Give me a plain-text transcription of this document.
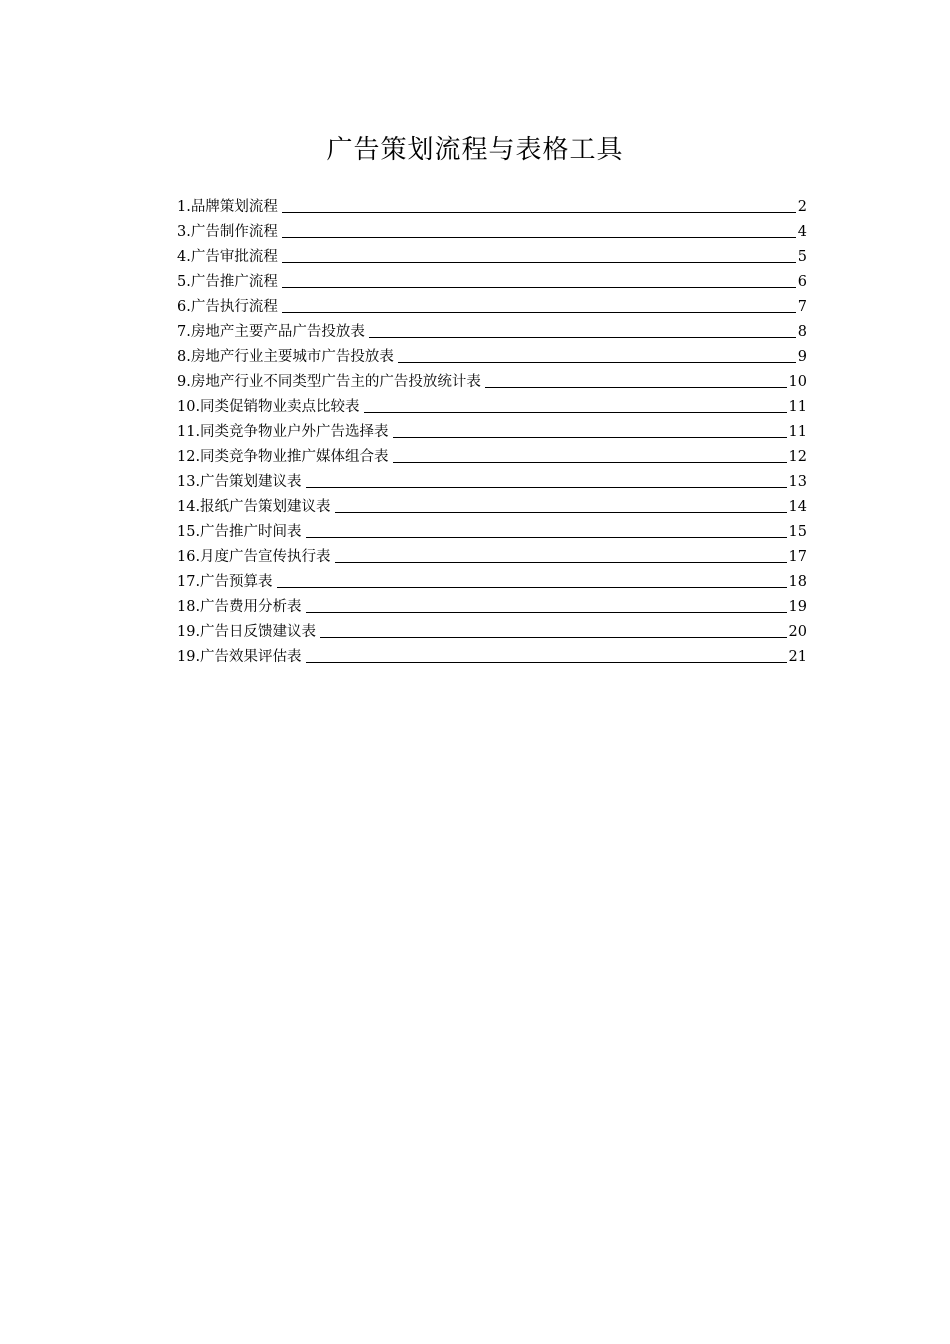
广告策划流程与表格工具
1.品牌策划流程	2
3.广告制作流程	4
4.广告审批流程	5
5.广告推广流程	6
6.广告执行流程	7
7.房地产主要产品广告投放表	8
8.房地产行业主要城市广告投放表	9
9.房地产行业不同类型广告主的广告投放统计表	10
10.同类促销物业卖点比较表	11
11.同类竞争物业户外广告选择表	11
12.同类竞争物业推广媒体组合表	12
13.广告策划建议表	13
14.报纸广告策划建议表	14
15.广告推广时间表	15
16.月度广告宣传执行表	17
17.广告预算表	18
18.广告费用分析表	19
19.广告日反馈建议表	20
19.广告效果评估表	21
